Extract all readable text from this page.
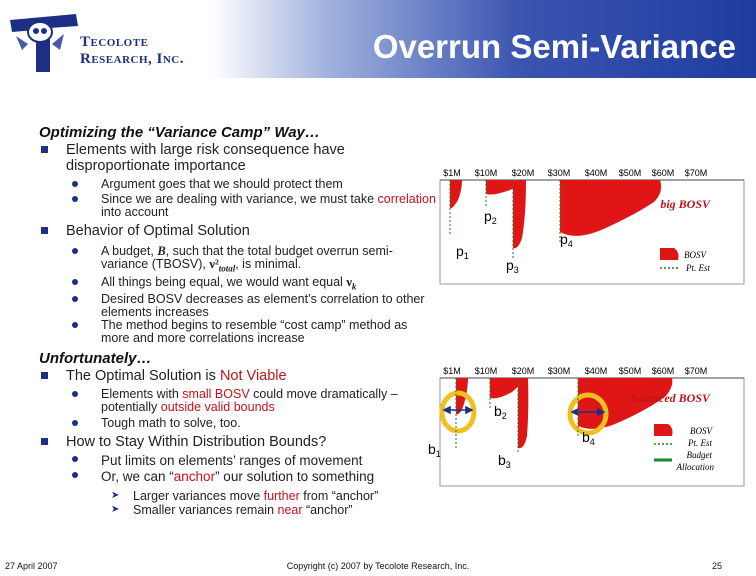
Tecolote
Research, Inc.	Overrun Semi-Variance
Optimizing the “Variance Camp” Way…
Elements with large risk consequence have disproportionate importance
Argument goes that we should protect them
Since we are dealing with variance, we must take correlation into account
Behavior of Optimal Solution
A budget, B, such that the total budget overrun semi-variance (TBOSV), $\nu^2_{total}$, is minimal.
All things being equal, we would want equal $\nu_k$
Desired BOSV decreases as element’s correlation to other elements increases
The method begins to resemble “cost camp” method as more and more correlations increase
Unfortunately…
The Optimal Solution is Not Viable
Elements with small BOSV could move dramatically –potentially outside valid bounds
Tough math to solve, too.
How to Stay Within Distribution Bounds?
Put limits on elements’ ranges of movement
Or, we can “anchor” our solution to something
➤ Larger variances move further from “anchor”
➤ Smaller variances remain near “anchor”
$1M $10M $20M $30M $40M $50M $60M $70M
$p_1$
$p_2$
$p_3$
$p_4$
big BOSV
BOSV
Pt. Est
$1M $10M $20M $30M $40M $50M $60M $70M
$b_1$
$b_2$
$b_3$
$b_4$
balanced BOSV
BOSV
Pt. Est
Budget
Allocation
27 April 2007	Copyright (c) 2007 by Tecolote Research, Inc.	25
